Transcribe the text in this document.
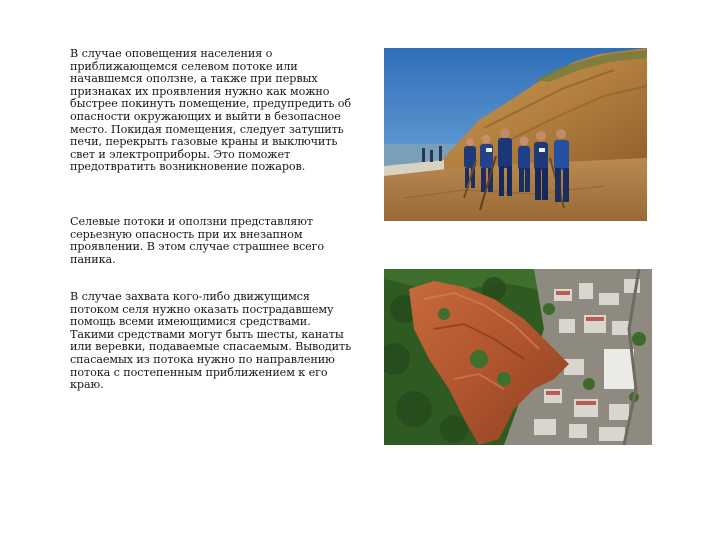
В случае оповещения населения о приближающемся селевом потоке или начавшемся оползне, а также при первых признаках их проявления нужно как можно быстрее покинуть помещение, предупредить об опасности окружающих и выйти в безопасное место. Покидая помещения, следует затушить печи, перекрыть газовые краны и выключить свет и электроприборы. Это поможет предотвратить возникновение пожаров.

Селевые потоки и оползни представляют серьезную опасность при их внезапном проявлении. В этом случае страшнее всего паника.

В случае захвата кого-либо движущимся потоком селя нужно оказать пострадавшему помощь всеми имеющимися средствами. Такими средствами могут быть шесты, канаты или веревки, подаваемые спасаемым. Выводить спасаемых из потока нужно по направлению потока с постепенным приближением к его краю.
